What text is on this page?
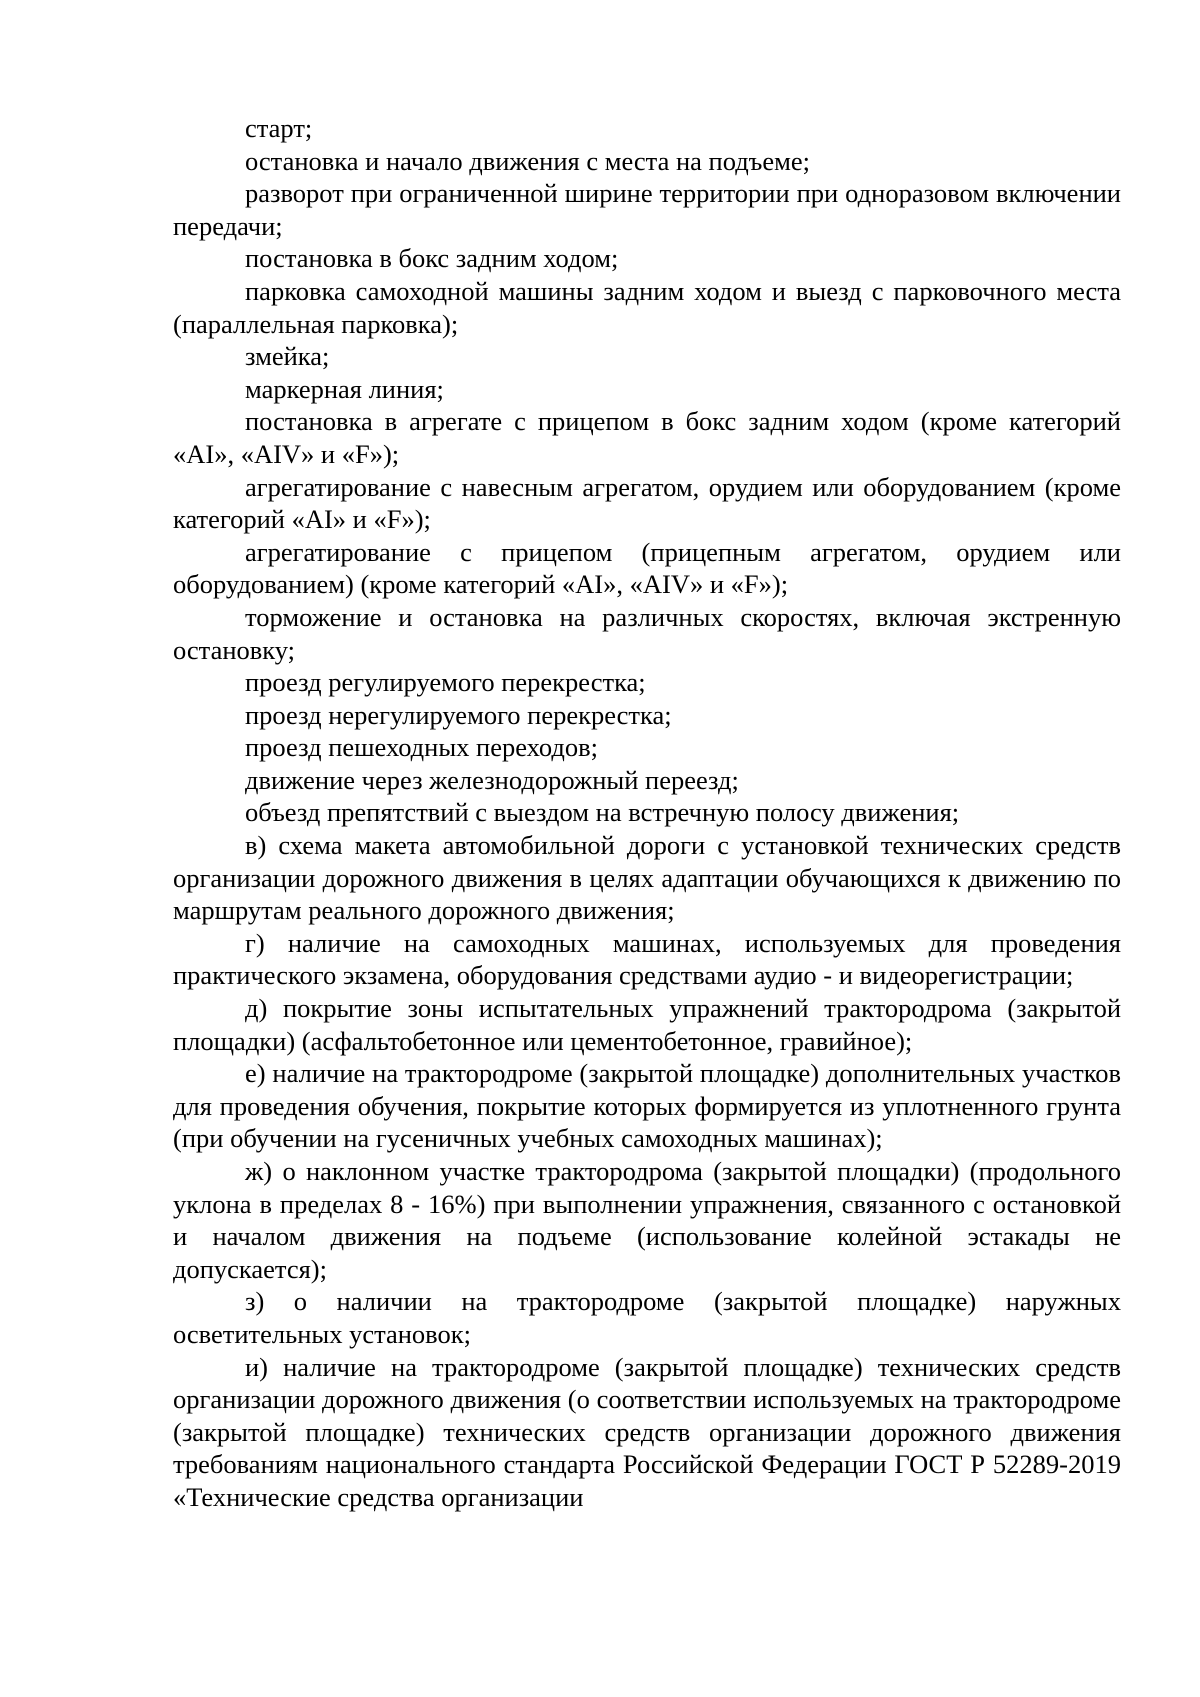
старт;

остановка и начало движения с места на подъеме;

разворот при ограниченной ширине территории при одноразовом включении передачи;

постановка в бокс задним ходом;

парковка самоходной машины задним ходом и выезд с парковочного места (параллельная парковка);

змейка;

маркерная линия;

постановка в агрегате с прицепом в бокс задним ходом (кроме категорий «AI», «AIV» и «F»);

агрегатирование с навесным агрегатом, орудием или оборудованием (кроме категорий «AI» и «F»);

агрегатирование с прицепом (прицепным агрегатом, орудием или оборудованием) (кроме категорий «AI», «AIV» и «F»);

торможение и остановка на различных скоростях, включая экстренную остановку;

проезд регулируемого перекрестка;

проезд нерегулируемого перекрестка;

проезд пешеходных переходов;

движение через железнодорожный переезд;

объезд препятствий с выездом на встречную полосу движения;

в) схема макета автомобильной дороги с установкой технических средств организации дорожного движения в целях адаптации обучающихся к движению по маршрутам реального дорожного движения;

г) наличие на самоходных машинах, используемых для проведения практического экзамена, оборудования средствами аудио - и видеорегистрации;

д) покрытие зоны испытательных упражнений трактородрома (закрытой площадки) (асфальтобетонное или цементобетонное, гравийное);

е) наличие на трактородроме (закрытой площадке) дополнительных участков для проведения обучения, покрытие которых формируется из уплотненного грунта (при обучении на гусеничных учебных самоходных машинах);

ж) о наклонном участке трактородрома (закрытой площадки) (продольного уклона в пределах 8 - 16%) при выполнении упражнения, связанного с остановкой и началом движения на подъеме (использование колейной эстакады не допускается);

з) о наличии на трактородроме (закрытой площадке) наружных осветительных установок;

и) наличие на трактородроме (закрытой площадке) технических средств организации дорожного движения (о соответствии используемых на трактородроме (закрытой площадке) технических средств организации дорожного движения требованиям национального стандарта Российской Федерации ГОСТ Р 52289-2019 «Технические средства организации
